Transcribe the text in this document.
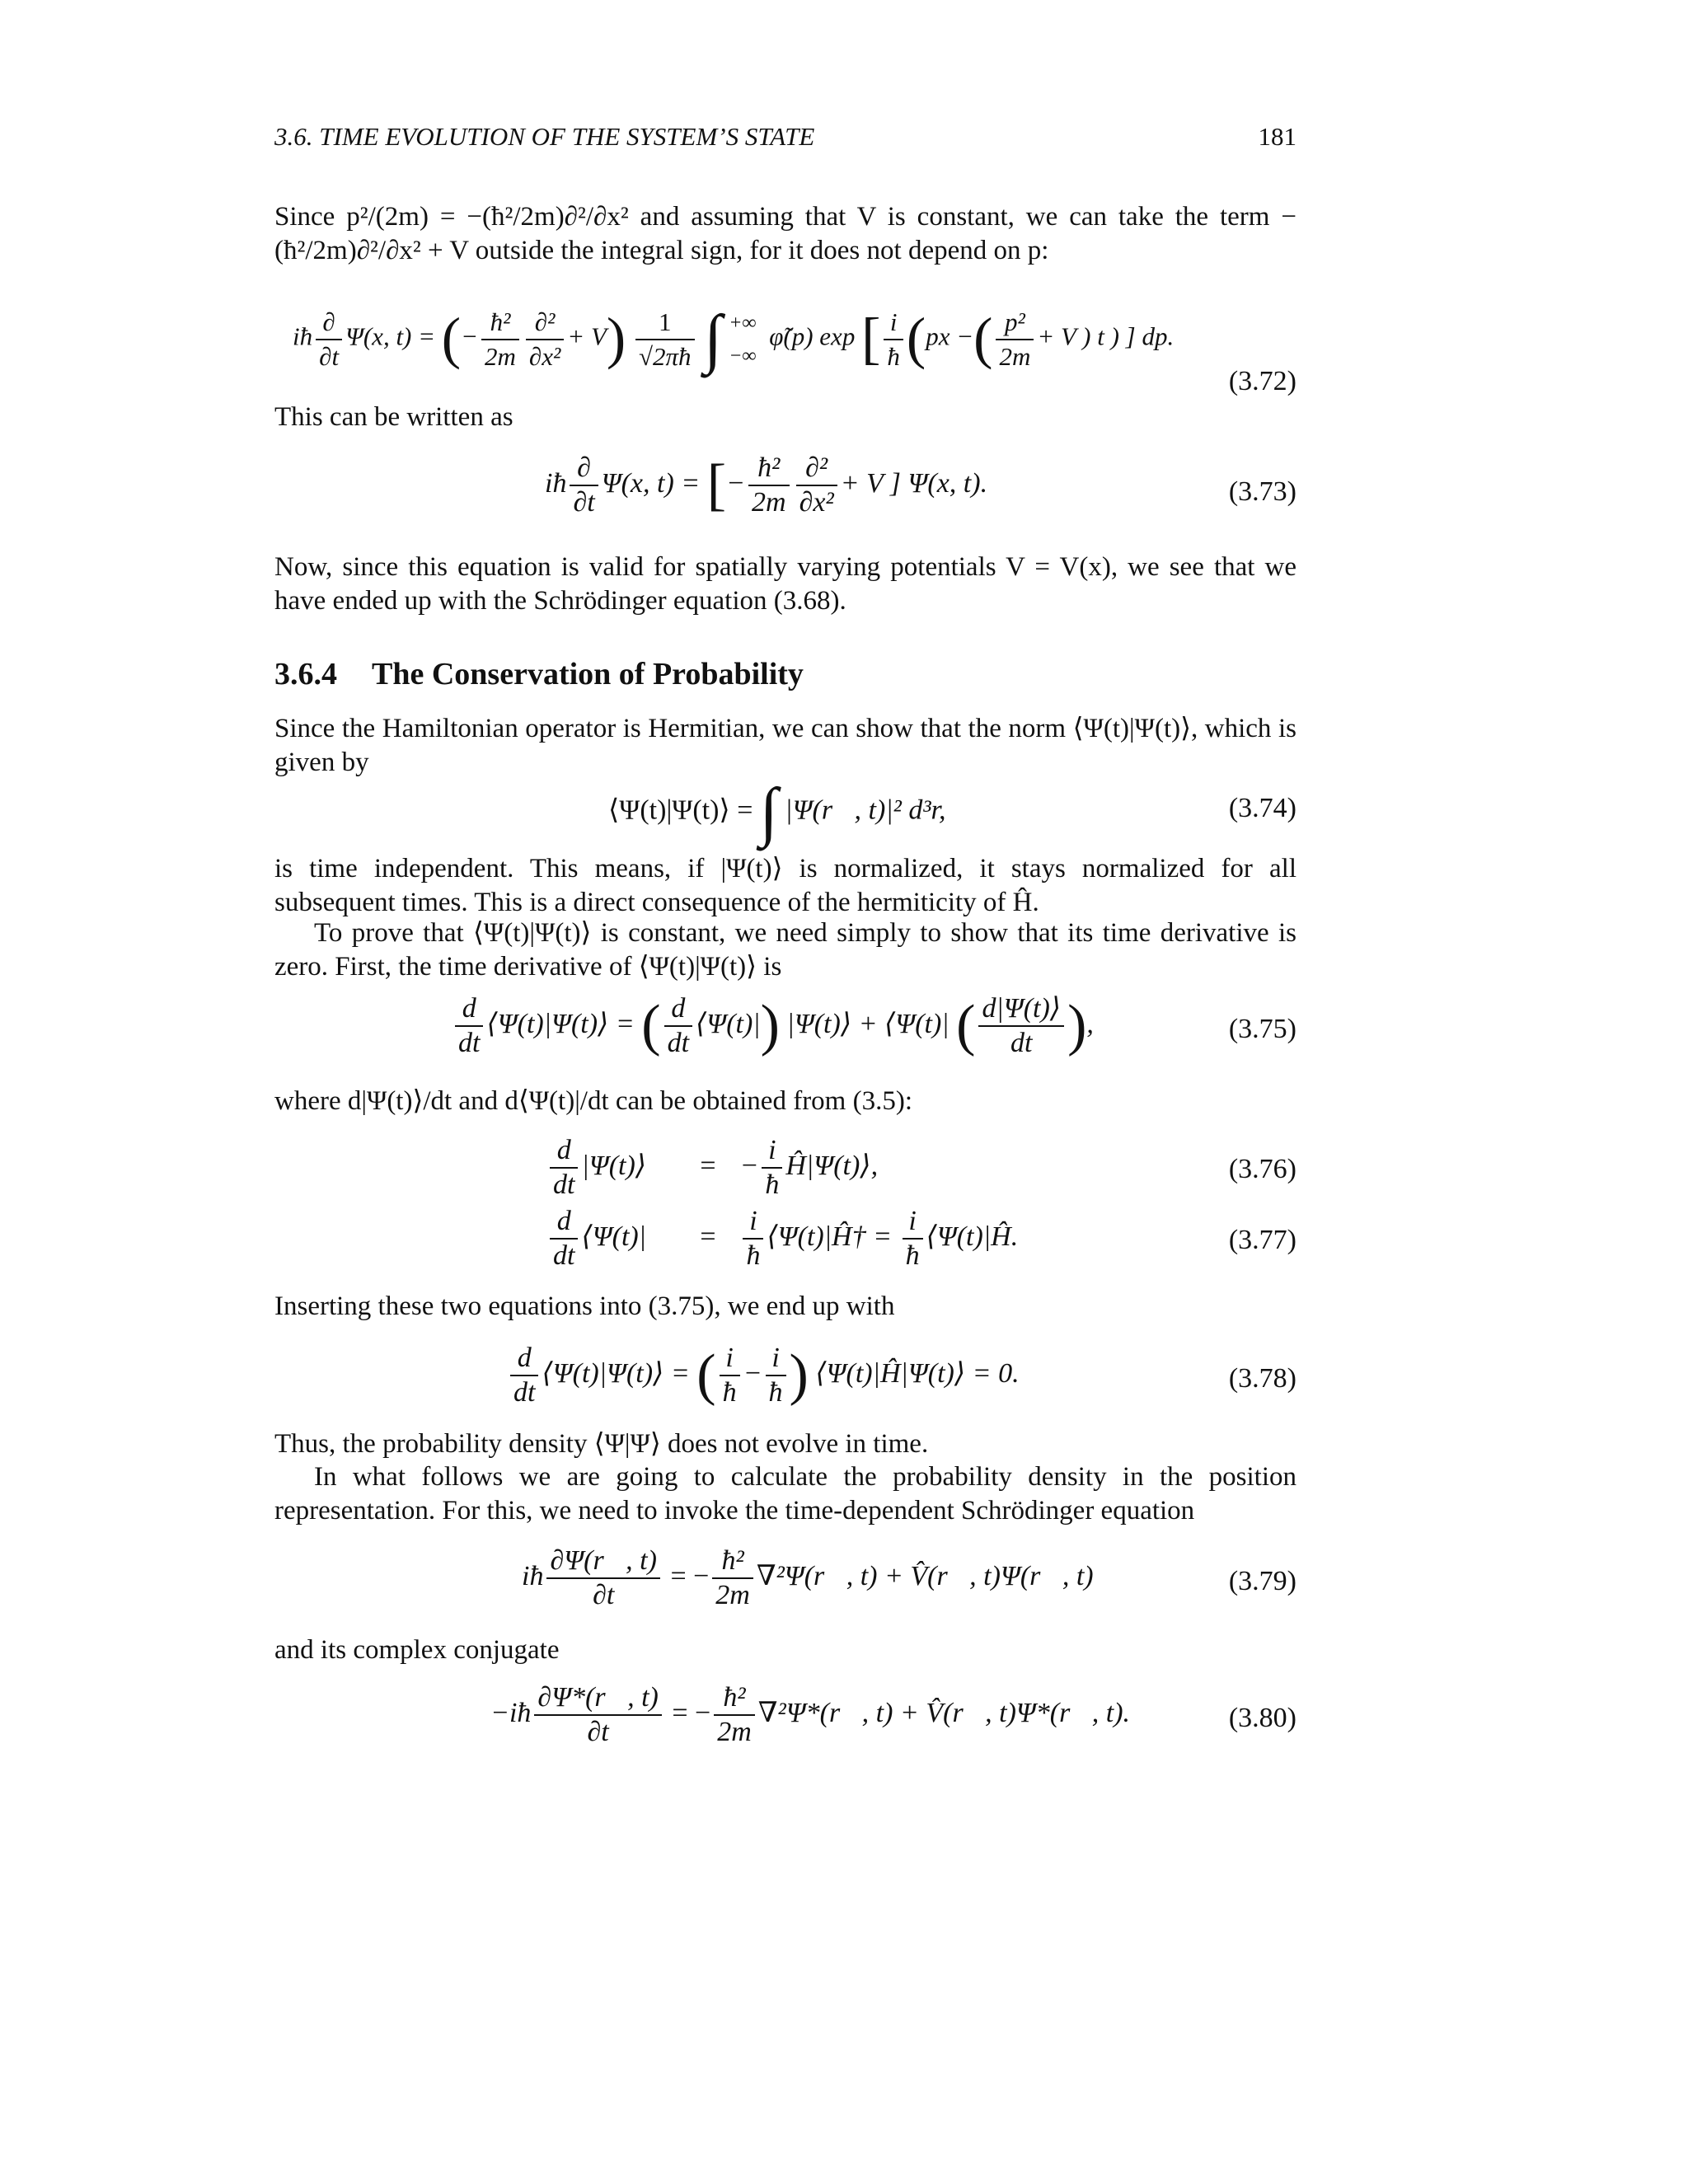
3.6. TIME EVOLUTION OF THE SYSTEM’S STATE	181

Since p²/(2m) = −(ħ²/2m)∂²/∂x² and assuming that V is constant, we can take the term −(ħ²/2m)∂²/∂x² + V outside the integral sign, for it does not depend on p:

iħ $\frac{\partial}{\partial t} \Psi(x$, t) = (− $\frac{\text{ħ²}}{2m} \frac{\text{∂²}}{\text{∂x²}} + V) \frac{1}{√2\pi ħ}$ ∫ +∞
−∞
φ̃(p) exp [ $\frac{i}{ħ} (px$ −( $\frac{\text{p²}}{2m} + V$ ) t ) ] dp.
(3.72)

This can be written as

iħ $\frac{\partial}{\partial t} \Psi(x$, t) = [− $\frac{\text{ħ²}}{2m} \frac{\text{∂²}}{\text{∂x²}} + V$ ] Ψ(x, t).	(3.73)

Now, since this equation is valid for spatially varying potentials V = V(x), we see that we have ended up with the Schrödinger equation (3.68).

3.6.4 The Conservation of Probability

Since the Hamiltonian operator is Hermitian, we can show that the norm ⟨Ψ(t)|Ψ(t)⟩, which is given by

⟨Ψ(t)|Ψ(t)⟩ = ∫ |Ψ(r⃗, t)|² d³r,	(3.74)

is time independent. This means, if |Ψ(t)⟩ is normalized, it stays normalized for all subsequent times. This is a direct consequence of the hermiticity of Ĥ.

To prove that ⟨Ψ(t)|Ψ(t)⟩ is constant, we need simply to show that its time derivative is zero. First, the time derivative of ⟨Ψ(t)|Ψ(t)⟩ is

$\frac{d}{dt}$ ⟨Ψ(t)|Ψ(t)⟩ = ( $\frac{d}{dt}$ ⟨Ψ(t)|) |Ψ(t)⟩ + ⟨Ψ(t)| ( $\frac{d|\Psi(t)⟩}{dt}$ ),	(3.75)

where d|Ψ(t)⟩/dt and d⟨Ψ(t)|/dt can be obtained from (3.5):

$\frac{d}{dt}$ |Ψ(t)⟩ = − $\frac{i}{ħ}$ Ĥ|Ψ(t)⟩,	(3.76)
$\frac{d}{dt}$ ⟨Ψ(t)| = $\frac{i}{ħ}$ ⟨Ψ(t)|Ĥ† = $\frac{i}{ħ}$ ⟨Ψ(t)|Ĥ.	(3.77)

Inserting these two equations into (3.75), we end up with

$\frac{d}{dt}$ ⟨Ψ(t)|Ψ(t)⟩ = ( $\frac{i}{ħ} - \frac{i}{ħ}$ ) ⟨Ψ(t)|Ĥ|Ψ(t)⟩ = 0.	(3.78)

Thus, the probability density ⟨Ψ|Ψ⟩ does not evolve in time.

In what follows we are going to calculate the probability density in the position representation. For this, we need to invoke the time-dependent Schrödinger equation

iħ $\frac{\partial\Psi(r⃗, t)}{\partial t}$ = − $\frac{\text{ħ²}}{2m}$ ∇²Ψ(r⃗, t) + V̂(r⃗, t)Ψ(r⃗, t)	(3.79)

and its complex conjugate

−iħ $\frac{\partial\Psi*(r⃗, t)}{\partial t}$ = − $\frac{\text{ħ²}}{2m}$ ∇²Ψ*(r⃗, t) + V̂(r⃗, t)Ψ*(r⃗, t).	(3.80)
